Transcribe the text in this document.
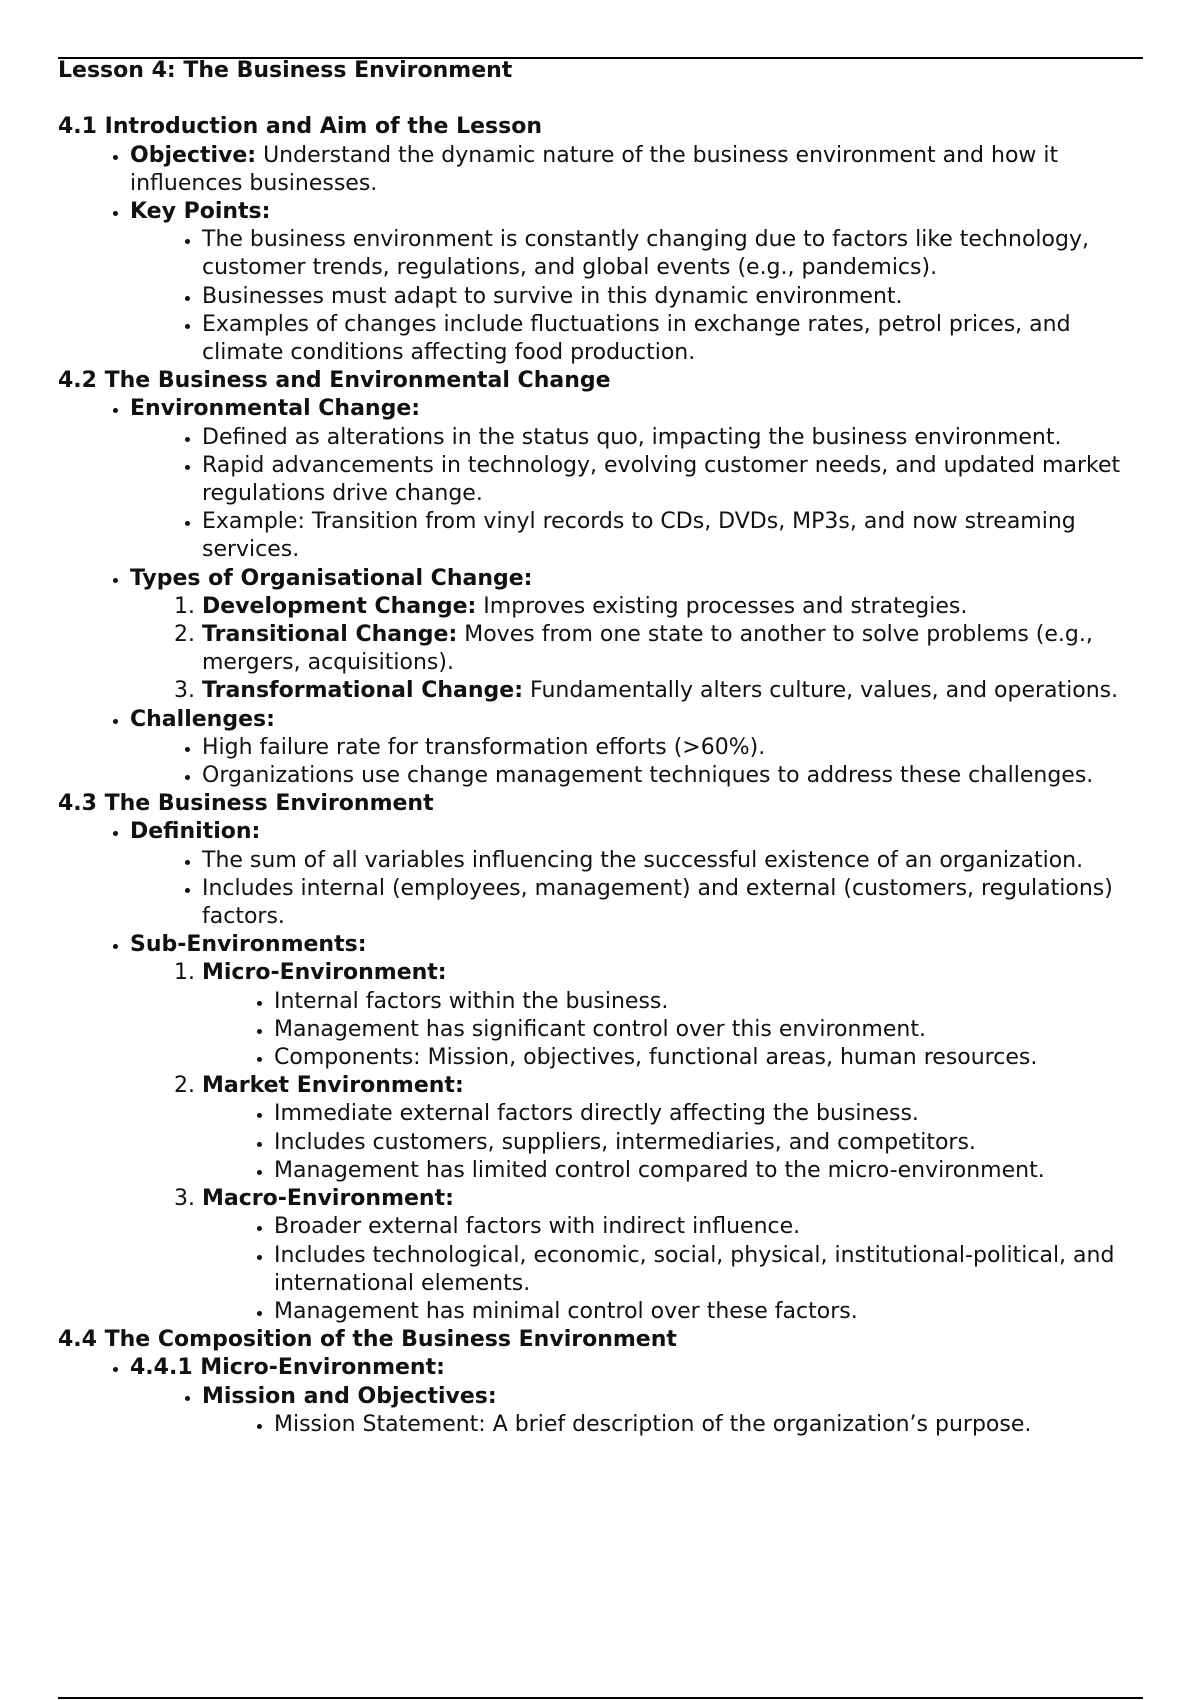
Lesson 4: The Business Environment
4.1 Introduction and Aim of the Lesson
• Objective: Understand the dynamic nature of the business environment and how it influences businesses.
• Key Points:
• The business environment is constantly changing due to factors like technology, customer trends, regulations, and global events (e.g., pandemics).
• Businesses must adapt to survive in this dynamic environment.
• Examples of changes include fluctuations in exchange rates, petrol prices, and climate conditions affecting food production.
4.2 The Business and Environmental Change
• Environmental Change:
• Defined as alterations in the status quo, impacting the business environment.
• Rapid advancements in technology, evolving customer needs, and updated market regulations drive change.
• Example: Transition from vinyl records to CDs, DVDs, MP3s, and now streaming services.
• Types of Organisational Change:
1. Development Change: Improves existing processes and strategies.
2. Transitional Change: Moves from one state to another to solve problems (e.g., mergers, acquisitions).
3. Transformational Change: Fundamentally alters culture, values, and operations.
• Challenges:
• High failure rate for transformation efforts (>60%).
• Organizations use change management techniques to address these challenges.
4.3 The Business Environment
• Definition:
• The sum of all variables influencing the successful existence of an organization.
• Includes internal (employees, management) and external (customers, regulations) factors.
• Sub-Environments:
1. Micro-Environment:
• Internal factors within the business.
• Management has significant control over this environment.
• Components: Mission, objectives, functional areas, human resources.
2. Market Environment:
• Immediate external factors directly affecting the business.
• Includes customers, suppliers, intermediaries, and competitors.
• Management has limited control compared to the micro-environment.
3. Macro-Environment:
• Broader external factors with indirect influence.
• Includes technological, economic, social, physical, institutional-political, and international elements.
• Management has minimal control over these factors.
4.4 The Composition of the Business Environment
• 4.4.1 Micro-Environment:
• Mission and Objectives:
• Mission Statement: A brief description of the organization’s purpose.
